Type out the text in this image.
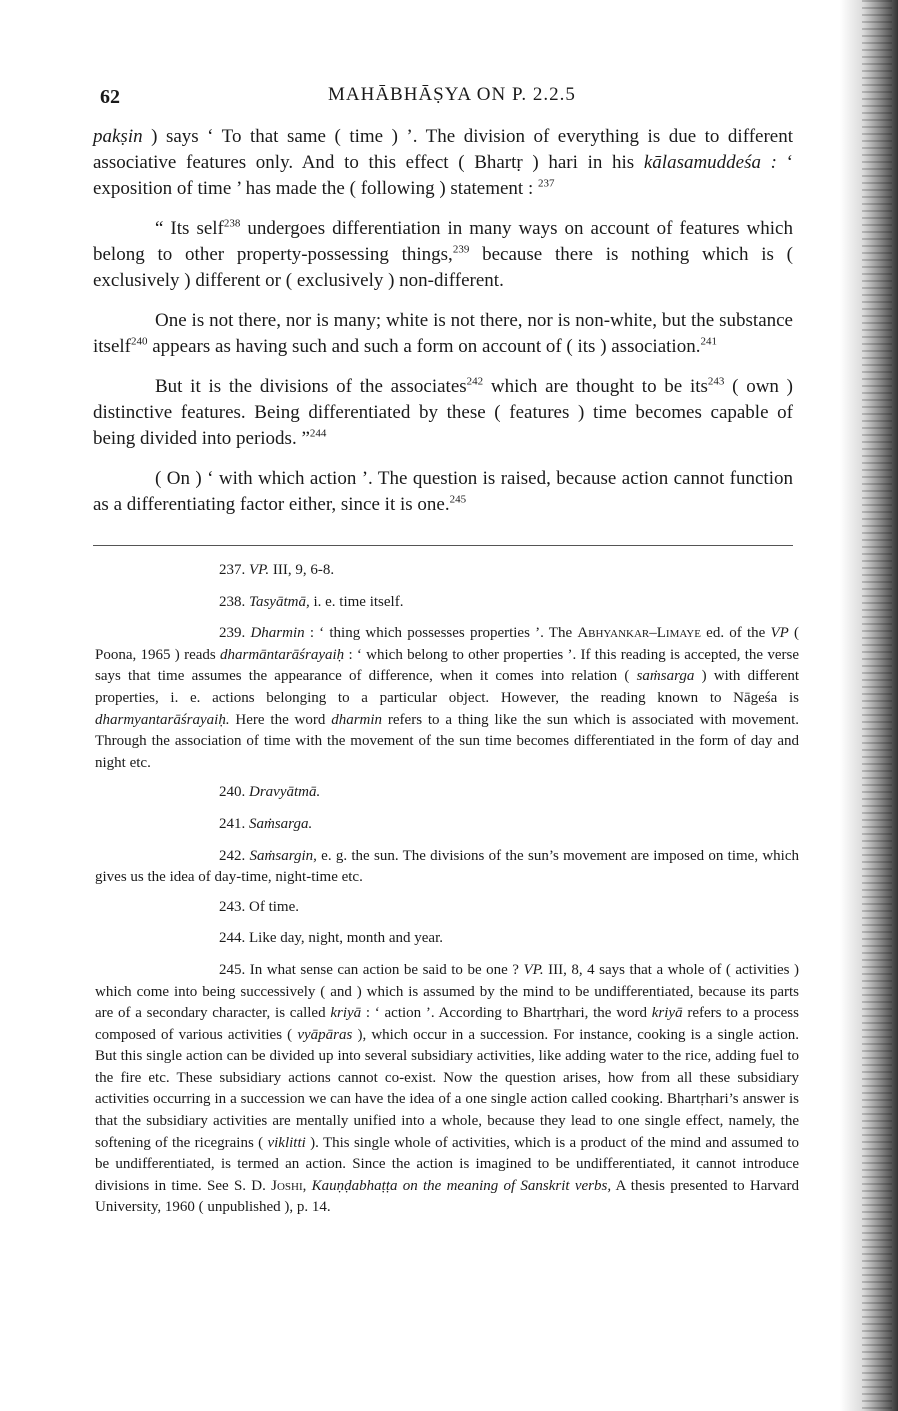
62	MAHĀBHĀṢYA ON P. 2.2.5

pakṣin ) says ‘ To that same ( time ) ’. The division of everything is due to different associative features only. And to this effect ( Bhartṛ ) hari in his kālasamuddeśa : ‘ exposition of time ’ has made the ( following ) statement : $^{237}$

“ Its self$^{238}$ undergoes differentiation in many ways on account of features which belong to other property-possessing things,$^{239}$ because there is nothing which is ( exclusively ) different or ( exclusively ) non-different.

One is not there, nor is many; white is not there, nor is non-white, but the substance itself$^{240}$ appears as having such and such a form on account of ( its ) association.$^{241}$

But it is the divisions of the associates$^{242}$ which are thought to be its$^{243}$ ( own ) distinctive features. Being differentiated by these ( features ) time becomes capable of being divided into periods. ”$^{244}$

( On ) ‘ with which action ’. The question is raised, because action cannot function as a differentiating factor either, since it is one.$^{245}$

237. VP. III, 9, 6-8.

238. Tasyātmā, i. e. time itself.

239. Dharmin : ‘ thing which possesses properties ’. The Abhyankar–Limaye ed. of the VP ( Poona, 1965 ) reads dharmāntarāśrayaiḥ : ‘ which belong to other properties ’. If this reading is accepted, the verse says that time assumes the appearance of difference, when it comes into relation ( saṁsarga ) with different properties, i. e. actions belonging to a particular object. However, the reading known to Nāgeśa is dharmyantarāśrayaiḥ. Here the word dharmin refers to a thing like the sun which is associated with movement. Through the association of time with the movement of the sun time becomes differentiated in the form of day and night etc.

240. Dravyātmā.

241. Saṁsarga.

242. Saṁsargin, e. g. the sun. The divisions of the sun’s movement are imposed on time, which gives us the idea of day-time, night-time etc.

243. Of time.

244. Like day, night, month and year.

245. In what sense can action be said to be one ? VP. III, 8, 4 says that a whole of ( activities ) which come into being successively ( and ) which is assumed by the mind to be undifferentiated, because its parts are of a secondary character, is called kriyā : ‘ action ’. According to Bhartṛhari, the word kriyā refers to a process composed of various activities ( vyāpāras ), which occur in a succession. For instance, cooking is a single action. But this single action can be divided up into several subsidiary activities, like adding water to the rice, adding fuel to the fire etc. These subsidiary actions cannot co-exist. Now the question arises, how from all these subsidiary activities occurring in a succession we can have the idea of a one single action called cooking. Bhartṛhari’s answer is that the subsidiary activities are mentally unified into a whole, because they lead to one single effect, namely, the softening of the ricegrains ( viklitti ). This single whole of activities, which is a product of the mind and assumed to be undifferentiated, is termed an action. Since the action is imagined to be undifferentiated, it cannot introduce divisions in time. See S. D. Joshi, Kauṇḍabhaṭṭa on the meaning of Sanskrit verbs, A thesis presented to Harvard University, 1960 ( unpublished ), p. 14.
